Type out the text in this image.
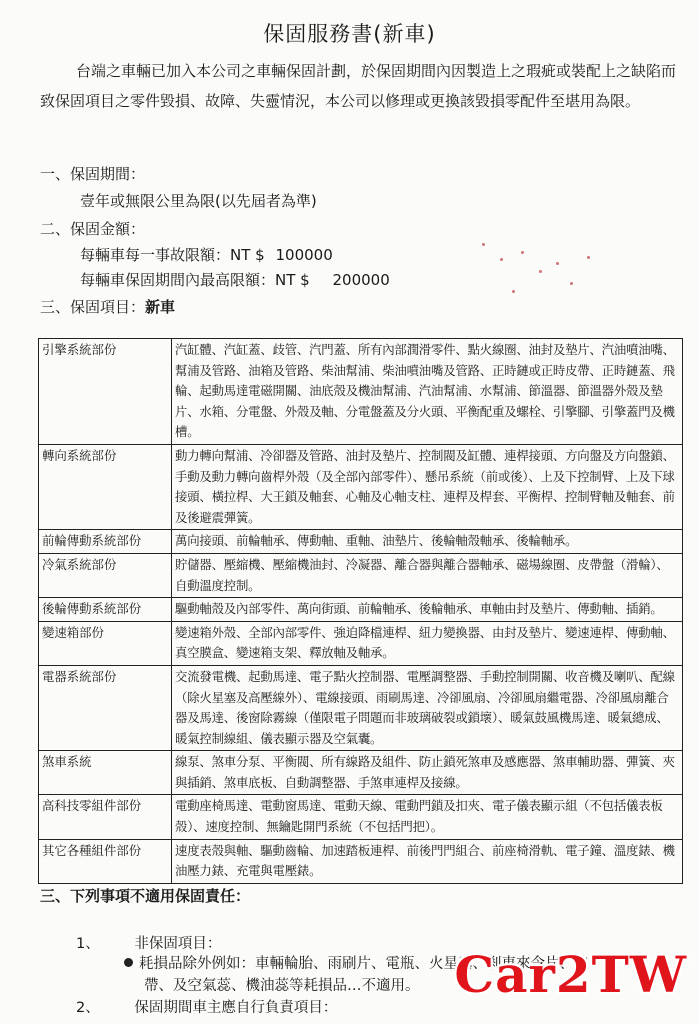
保固服務書(新車)
台端之車輛已加入本公司之車輛保固計劃，於保固期間內因製造上之瑕疵或裝配上之缺陷而致保固項目之零件毀損、故障、失靈情況，本公司以修理或更換該毀損零配件至堪用為限。
一、保固期間：
壹年或無限公里為限(以先屆者為準)
二、保固金額：
每輛車每一事故限額：NT $ 100000
每輛車保固期間內最高限額：NT $ 200000
三、保固項目：新車
引擎系統部份	汽缸體、汽缸蓋、歧管、汽門蓋、所有內部潤滑零件、點火線圈、油封及墊片、汽油噴油嘴、幫浦及管路、油箱及管路、柴油幫浦、柴油噴油嘴及管路、正時鏈或正時皮帶、正時鏈蓋、飛輪、起動馬達電磁開關、油底殼及機油幫浦、汽油幫浦、水幫浦、節溫器、節溫器外殼及墊片、水箱、分電盤、外殼及軸、分電盤蓋及分火頭、平衡配重及螺栓、引擎腳、引擎蓋門及機槽。
轉向系統部份	動力轉向幫浦、冷卻器及管路、油封及墊片、控制閥及缸體、連桿接頭、方向盤及方向盤鎖、手動及動力轉向齒桿外殼（及全部內部零件）、懸吊系統（前或後）、上及下控制臂、上及下球接頭、橫拉桿、大王鎖及軸套、心軸及心軸支柱、連桿及桿套、平衡桿、控制臂軸及軸套、前及後避震彈簧。
前輪傳動系統部份	萬向接頭、前輪軸承、傳動軸、重軸、油墊片、後輪軸殼軸承、後輪軸承。
冷氣系統部份	貯儲器、壓縮機、壓縮機油封、冷凝器、離合器與離合器軸承、磁場線圈、皮帶盤（滑輪）、自動溫度控制。
後輪傳動系統部份	驅動軸殼及內部零件、萬向街頭、前輪軸承、後輪軸承、車軸由封及墊片、傳動軸、插銷。
變速箱部份	變速箱外殼、全部內部零件、強迫降檔連桿、紐力變換器、由封及墊片、變速連桿、傳動軸、真空膜盒、變速箱支架、釋放軸及軸承。
電器系統部份	交流發電機、起動馬達、電子點火控制器、電壓調整器、手動控制開關、收音機及喇叭、配線（除火星塞及高壓線外）、電線接頭、雨刷馬達、冷卻風扇、冷卻風扇繼電器、冷卻風扇離合器及馬達、後窗除霧線（僅限電子問題而非玻璃破裂或鎖壞）、暖氣鼓風機馬達、暖氣總成、暖氣控制線組、儀表顯示器及空氣囊。
煞車系統	線泵、煞車分泵、平衡閥、所有線路及組件、防止鎖死煞車及感應器、煞車輔助器、彈簧、夾與插銷、煞車底板、自動調整器、手煞車連桿及接線。
高科技零組件部份	電動座椅馬達、電動窗馬達、電動天線、電動門鎖及扣夾、電子儀表顯示組（不包括儀表板殼）、速度控制、無鑰匙開門系統（不包括門把）。
其它各種組件部份	速度表殼與軸、驅動齒輪、加速踏板連桿、前後門門組合、前座椅滑軌、電子鐘、溫度錶、機油壓力錶、充電與電壓錶。
三、下列事項不適用保固責任：
1、 非保固項目：
耗損品除外例如：車輛輪胎、雨刷片、電瓶、火星塞、剎車來令片、皮
帶、及空氣蕊、機油蕊等耗損品…不適用。
2、 保固期間車主應自行負責項目：
Car2TW
